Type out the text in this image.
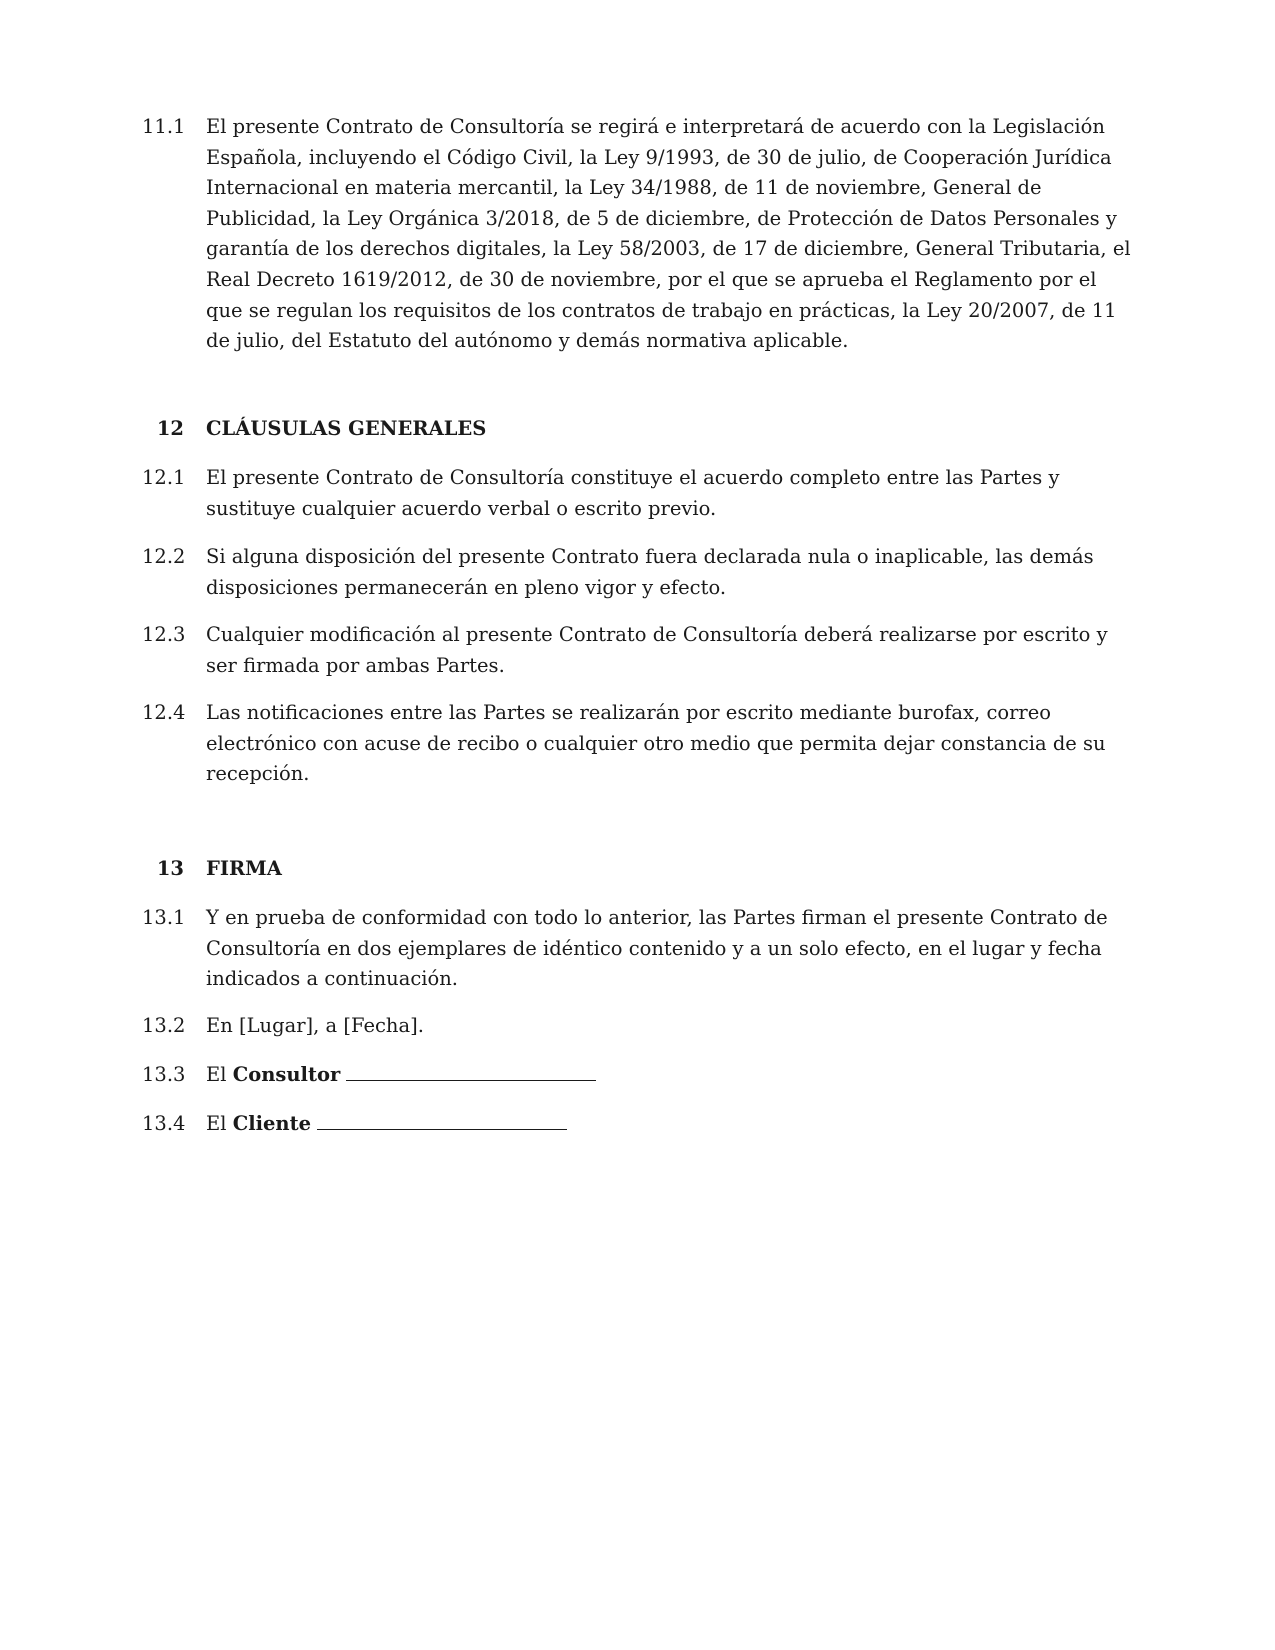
11.1	El presente Contrato de Consultoría se regirá e interpretará de acuerdo con la Legislación Española, incluyendo el Código Civil, la Ley 9/1993, de 30 de julio, de Cooperación Jurídica Internacional en materia mercantil, la Ley 34/1988, de 11 de noviembre, General de Publicidad, la Ley Orgánica 3/2018, de 5 de diciembre, de Protección de Datos Personales y garantía de los derechos digitales, la Ley 58/2003, de 17 de diciembre, General Tributaria, el Real Decreto 1619/2012, de 30 de noviembre, por el que se aprueba el Reglamento por el que se regulan los requisitos de los contratos de trabajo en prácticas, la Ley 20/2007, de 11 de julio, del Estatuto del autónomo y demás normativa aplicable.
12 CLÁUSULAS GENERALES
12.1	El presente Contrato de Consultoría constituye el acuerdo completo entre las Partes y sustituye cualquier acuerdo verbal o escrito previo.
12.2	Si alguna disposición del presente Contrato fuera declarada nula o inaplicable, las demás disposiciones permanecerán en pleno vigor y efecto.
12.3	Cualquier modificación al presente Contrato de Consultoría deberá realizarse por escrito y ser firmada por ambas Partes.
12.4	Las notificaciones entre las Partes se realizarán por escrito mediante burofax, correo electrónico con acuse de recibo o cualquier otro medio que permita dejar constancia de su recepción.
13 FIRMA
13.1	Y en prueba de conformidad con todo lo anterior, las Partes firman el presente Contrato de Consultoría en dos ejemplares de idéntico contenido y a un solo efecto, en el lugar y fecha indicados a continuación.
13.2	En [Lugar], a [Fecha].
13.3	El Consultor
13.4	El Cliente
